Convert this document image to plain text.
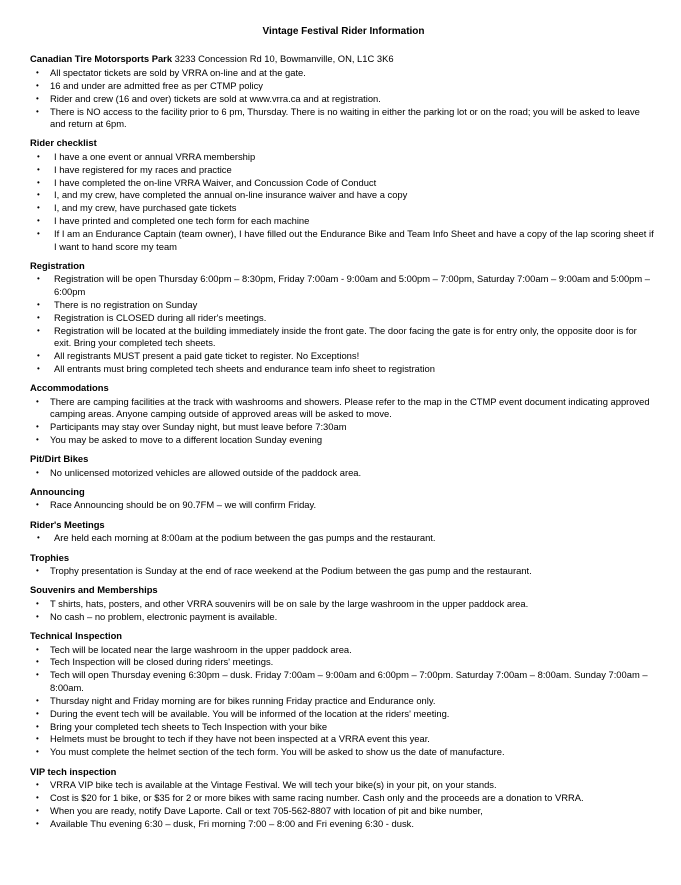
Vintage Festival Rider Information
Canadian Tire Motorsports Park 3233 Concession Rd 10, Bowmanville, ON, L1C 3K6
• All spectator tickets are sold by VRRA on-line and at the gate.
• 16 and under are admitted free as per CTMP policy
• Rider and crew (16 and over) tickets are sold at www.vrra.ca and at registration.
• There is NO access to the facility prior to 6 pm, Thursday. There is no waiting in either the parking lot or on the road; you will be asked to leave and return at 6pm.
Rider checklist
• I have a one event or annual VRRA membership
• I have registered for my races and practice
• I have completed the on-line VRRA Waiver, and Concussion Code of Conduct
• I, and my crew, have completed the annual on-line insurance waiver and have a copy
• I, and my crew, have purchased gate tickets
• I have printed and completed one tech form for each machine
• If I am an Endurance Captain (team owner), I have filled out the Endurance Bike and Team Info Sheet and have a copy of the lap scoring sheet if I want to hand score my team
Registration
• Registration will be open Thursday 6:00pm – 8:30pm, Friday 7:00am - 9:00am and 5:00pm – 7:00pm, Saturday 7:00am – 9:00am and 5:00pm – 6:00pm
• There is no registration on Sunday
• Registration is CLOSED during all rider's meetings.
• Registration will be located at the building immediately inside the front gate. The door facing the gate is for entry only, the opposite door is for exit. Bring your completed tech sheets.
• All registrants MUST present a paid gate ticket to register. No Exceptions!
• All entrants must bring completed tech sheets and endurance team info sheet to registration
Accommodations
• There are camping facilities at the track with washrooms and showers. Please refer to the map in the CTMP event document indicating approved camping areas. Anyone camping outside of approved areas will be asked to move.
• Participants may stay over Sunday night, but must leave before 7:30am
• You may be asked to move to a different location Sunday evening
Pit/Dirt Bikes
• No unlicensed motorized vehicles are allowed outside of the paddock area.
Announcing
• Race Announcing should be on 90.7FM – we will confirm Friday.
Rider's Meetings
• Are held each morning at 8:00am at the podium between the gas pumps and the restaurant.
Trophies
• Trophy presentation is Sunday at the end of race weekend at the Podium between the gas pump and the restaurant.
Souvenirs and Memberships
• T shirts, hats, posters, and other VRRA souvenirs will be on sale by the large washroom in the upper paddock area.
• No cash – no problem, electronic payment is available.
Technical Inspection
• Tech will be located near the large washroom in the upper paddock area.
• Tech Inspection will be closed during riders' meetings.
• Tech will open Thursday evening 6:30pm – dusk. Friday 7:00am – 9:00am and 6:00pm – 7:00pm. Saturday 7:00am – 8:00am. Sunday 7:00am – 8:00am.
• Thursday night and Friday morning are for bikes running Friday practice and Endurance only.
• During the event tech will be available. You will be informed of the location at the riders' meeting.
• Bring your completed tech sheets to Tech Inspection with your bike
• Helmets must be brought to tech if they have not been inspected at a VRRA event this year.
• You must complete the helmet section of the tech form. You will be asked to show us the date of manufacture.
VIP tech inspection
• VRRA VIP bike tech is available at the Vintage Festival. We will tech your bike(s) in your pit, on your stands.
• Cost is $20 for 1 bike, or $35 for 2 or more bikes with same racing number. Cash only and the proceeds are a donation to VRRA.
• When you are ready, notify Dave Laporte. Call or text 705-562-8807 with location of pit and bike number,
• Available Thu evening 6:30 – dusk, Fri morning 7:00 – 8:00 and Fri evening 6:30 - dusk.
